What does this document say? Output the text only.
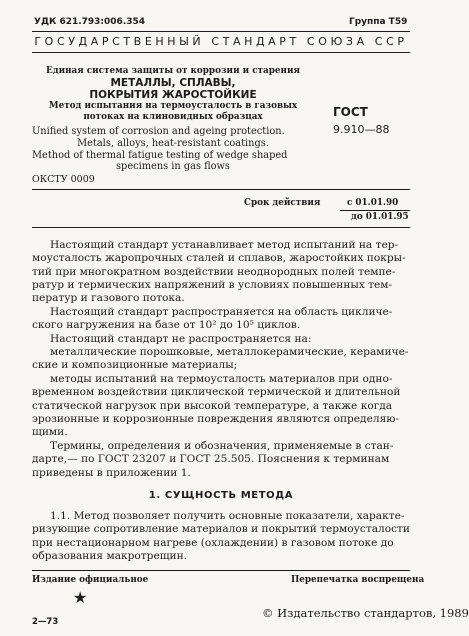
УДК 621.793:006.354	Группа Т59
ГОСУДАРСТВЕННЫЙ СТАНДАРТ СОЮЗА ССР
Единая система защиты от коррозии и старения
МЕТАЛЛЫ, СПЛАВЫ,
ПОКРЫТИЯ ЖАРОСТОЙКИЕ
Метод испытания на термоусталость в газовых
потоках на клиновидных образцах
Unified system of corrosion and ageing protection.
Metals, alloys, heat-resistant coatings.
Method of thermal fatigue testing of wedge shaped
specimens in gas flows
ОКСТУ 0009
ГОСТ
9.910—88
Срок действия	с 01.01.90
до 01.01.95
Настоящий стандарт устанавливает метод испытаний на тер-
моусталость жаропрочных сталей и сплавов, жаростойких покры-
тий при многократном воздействии неоднородных полей темпе-
ратур и термических напряжений в условиях повышенных тем-
ператур и газового потока.
Настоящий стандарт распространяется на область цикличе-
ского нагружения на базе от 10² до 10⁵ циклов.
Настоящий стандарт не распространяется на:
металлические порошковые, металлокерамические, керамиче-
ские и композиционные материалы;
методы испытаний на термоусталость материалов при одно-
временном воздействии циклической термической и длительной
статической нагрузок при высокой температуре, а также когда
эрозионные и коррозионные повреждения являются определяю-
щими.
Термины, определения и обозначения, применяемые в стан-
дарте,— по ГОСТ 23207 и ГОСТ 25.505. Пояснения к терминам
приведены в приложении 1.
1. СУЩНОСТЬ МЕТОДА
1.1. Метод позволяет получить основные показатели, характе-
ризующие сопротивление материалов и покрытий термоусталости
при нестационарном нагреве (охлаждении) в газовом потоке до
образования макротрещин.
Издание официальное	Перепечатка воспрещена
★
© Издательство стандартов, 1989
2—73
